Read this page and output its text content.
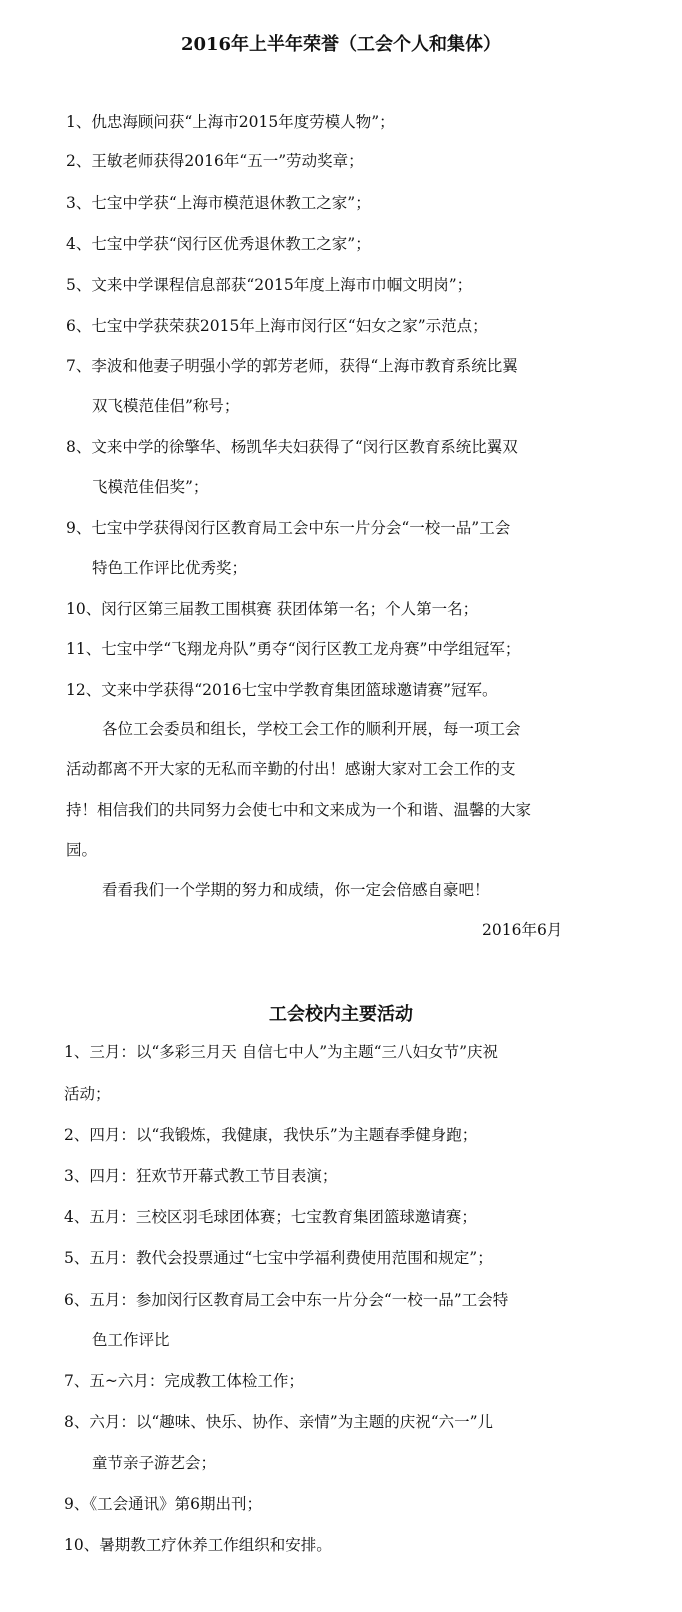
2016年上半年荣誉（工会个人和集体）
1、仇忠海顾问获“上海市2015年度劳模人物”；
2、王敏老师获得2016年“五一”劳动奖章；
3、七宝中学获“上海市模范退休教工之家”；
4、七宝中学获“闵行区优秀退休教工之家”；
5、文来中学课程信息部获“2015年度上海市巾帼文明岗”；
6、七宝中学获荣获2015年上海市闵行区“妇女之家”示范点；
7、李波和他妻子明强小学的郭芳老师，获得“上海市教育系统比翼
双飞模范佳侣”称号；
8、文来中学的徐擎华、杨凯华夫妇获得了“闵行区教育系统比翼双
飞模范佳侣奖”；
9、七宝中学获得闵行区教育局工会中东一片分会“一校一品”工会
特色工作评比优秀奖；
10、闵行区第三届教工围棋赛 获团体第一名；个人第一名；
11、七宝中学“飞翔龙舟队”勇夺“闵行区教工龙舟赛”中学组冠军；
12、文来中学获得“2016七宝中学教育集团篮球邀请赛”冠军。
各位工会委员和组长，学校工会工作的顺利开展，每一项工会
活动都离不开大家的无私而辛勤的付出！感谢大家对工会工作的支
持！相信我们的共同努力会使七中和文来成为一个和谐、温馨的大家
园。
看看我们一个学期的努力和成绩，你一定会倍感自豪吧！
2016年6月
工会校内主要活动
1、三月：以“多彩三月天 自信七中人”为主题“三八妇女节”庆祝
活动；
2、四月：以“我锻炼，我健康，我快乐”为主题春季健身跑；
3、四月：狂欢节开幕式教工节目表演；
4、五月：三校区羽毛球团体赛；七宝教育集团篮球邀请赛；
5、五月：教代会投票通过“七宝中学福利费使用范围和规定”；
6、五月：参加闵行区教育局工会中东一片分会“一校一品”工会特
色工作评比
7、五~六月：完成教工体检工作；
8、六月：以“趣味、快乐、协作、亲情”为主题的庆祝“六一”儿
童节亲子游艺会；
9、《工会通讯》第6期出刊；
10、暑期教工疗休养工作组织和安排。
